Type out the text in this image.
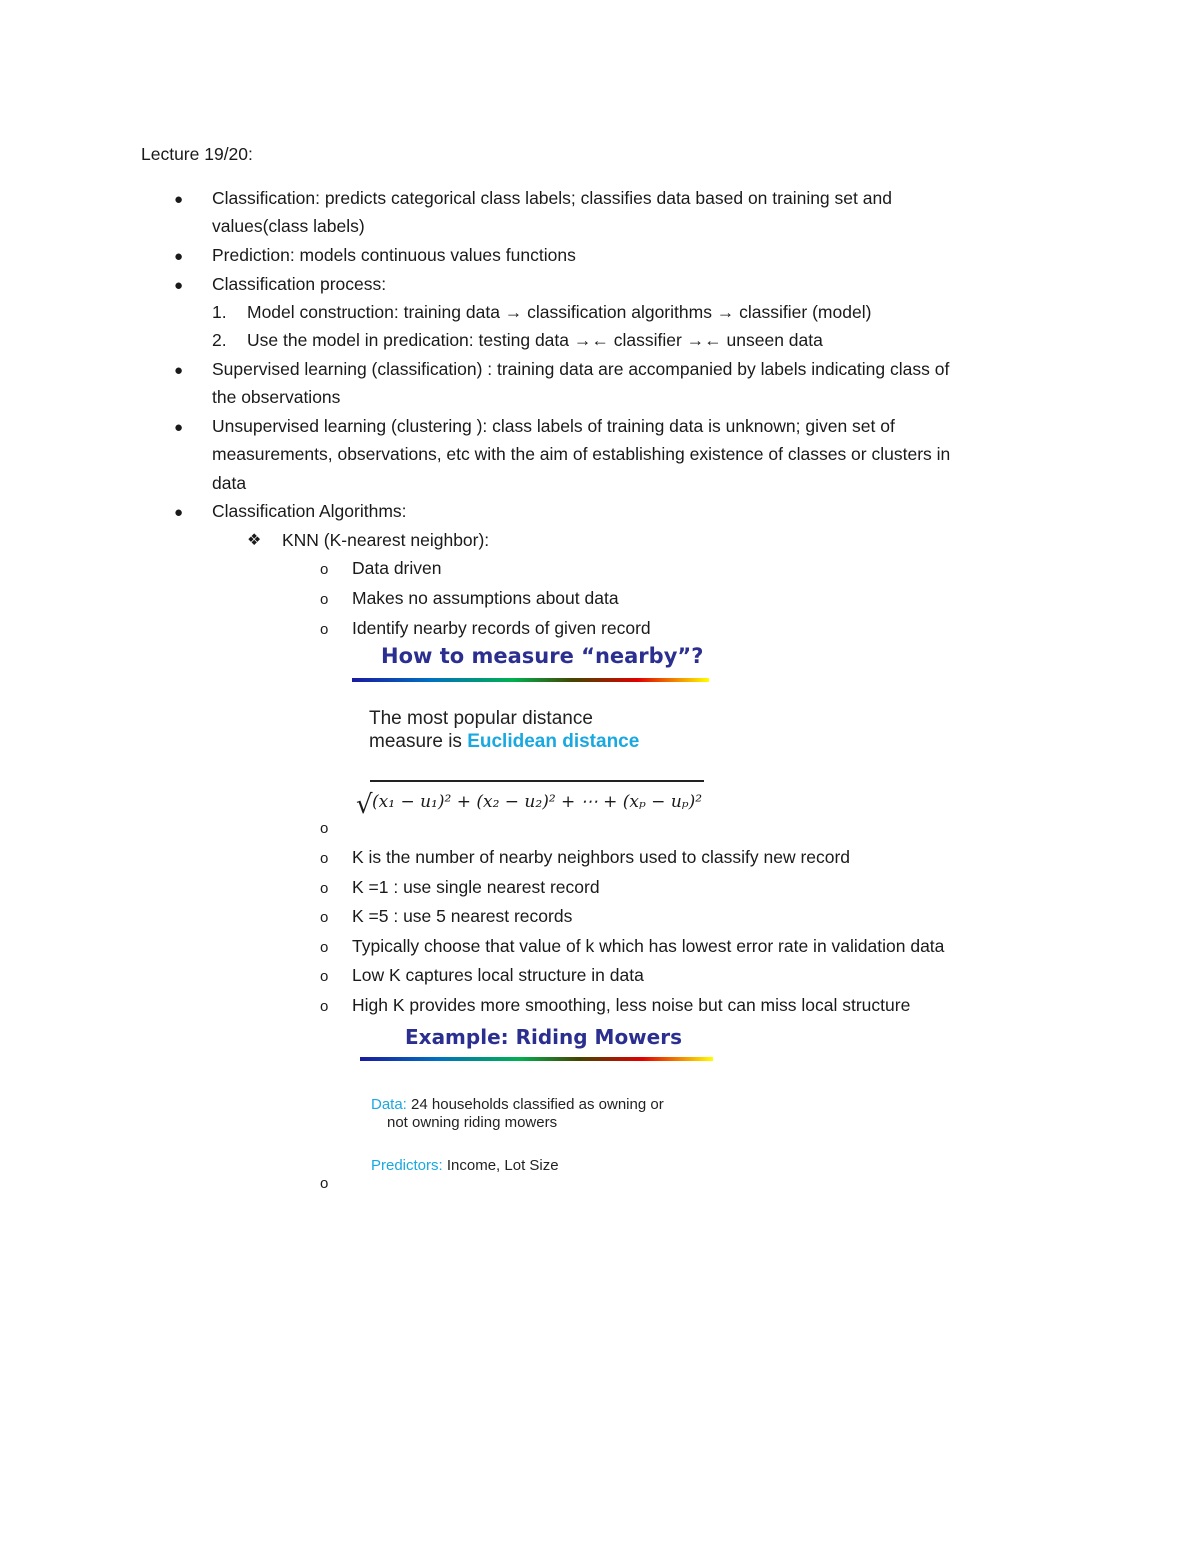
Lecture 19/20:
● Classification: predicts categorical class labels; classifies data based on training set and
values(class labels)
● Prediction: models continuous values functions
● Classification process:
1. Model construction: training data → classification algorithms → classifier (model)
2. Use the model in predication: testing data →← classifier →← unseen data
● Supervised learning (classification) : training data are accompanied by labels indicating class of
the observations
● Unsupervised learning (clustering ): class labels of training data is unknown; given set of
measurements, observations, etc with the aim of establishing existence of classes or clusters in
data
● Classification Algorithms:
❖ KNN (K-nearest neighbor):
o Data driven
o Makes no assumptions about data
o Identify nearby records of given record
How to measure “nearby”?
The most popular distance
measure is Euclidean distance
√ (x₁ − u₁)² + (x₂ − u₂)² + ⋯ + (xₚ − uₚ)²
o
o K is the number of nearby neighbors used to classify new record
o K =1 : use single nearest record
o K =5 : use 5 nearest records
o Typically choose that value of k which has lowest error rate in validation data
o Low K captures local structure in data
o High K provides more smoothing, less noise but can miss local structure
Example: Riding Mowers
Data: 24 households classified as owning or
not owning riding mowers
Predictors: Income, Lot Size
o
